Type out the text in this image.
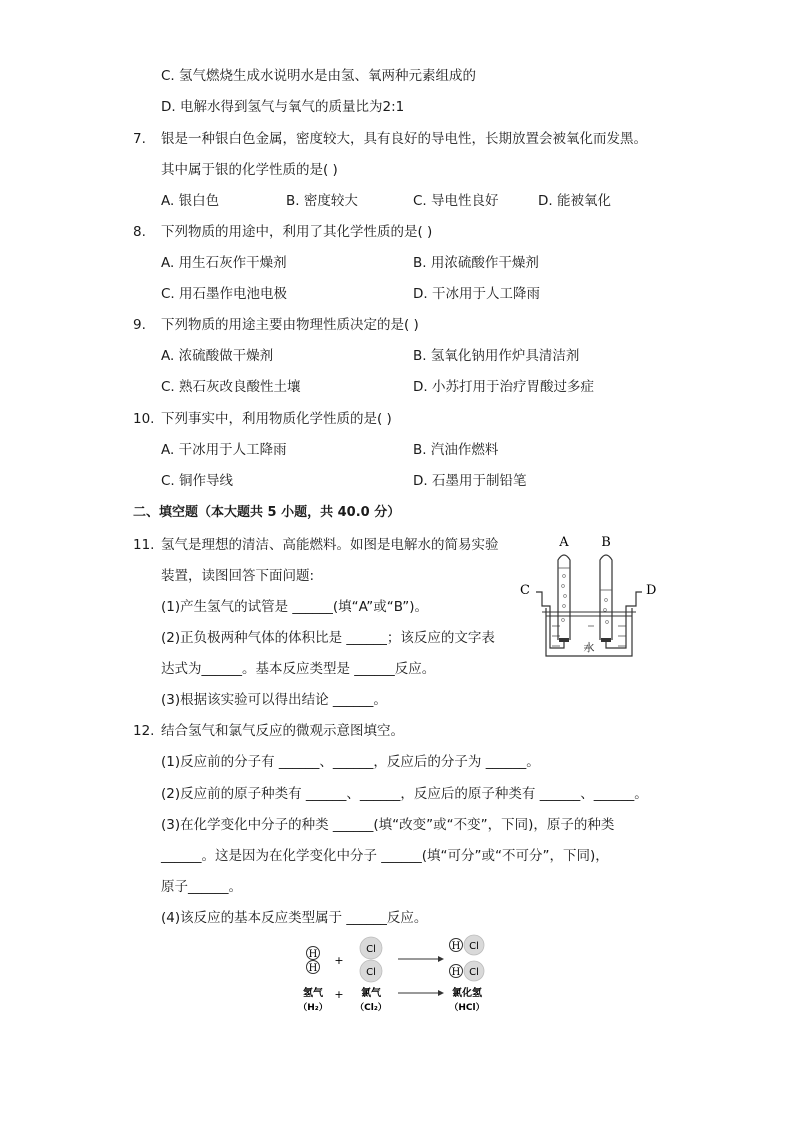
C. 氢气燃烧生成水说明水是由氢、氧两种元素组成的
D. 电解水得到氢气与氧气的质量比为2:1
7. 银是一种银白色金属，密度较大，具有良好的导电性，长期放置会被氧化而发黑。
其中属于银的化学性质的是( )
A. 银白色	B. 密度较大	C. 导电性良好	D. 能被氧化
8. 下列物质的用途中，利用了其化学性质的是( )
A. 用生石灰作干燥剂	B. 用浓硫酸作干燥剂
C. 用石墨作电池电极	D. 干冰用于人工降雨
9. 下列物质的用途主要由物理性质决定的是( )
A. 浓硫酸做干燥剂	B. 氢氧化钠用作炉具清洁剂
C. 熟石灰改良酸性土壤	D. 小苏打用于治疗胃酸过多症
10. 下列事实中，利用物质化学性质的是( )
A. 干冰用于人工降雨	B. 汽油作燃料
C. 铜作导线	D. 石墨用于制铅笔
二、填空题（本大题共 5 小题，共 40.0 分）
11. 氢气是理想的清洁、高能燃料。如图是电解水的简易实验
装置，读图回答下面问题:
(1)产生氢气的试管是 ______(填“A”或“B”)。
(2)正负极两种气体的体积比是 ______；该反应的文字表
达式为______。基本反应类型是 ______反应。
(3)根据该实验可以得出结论 ______。
A	B
C	D
水
12. 结合氢气和氯气反应的微观示意图填空。
(1)反应前的分子有 ______、______，反应后的分子为 ______。
(2)反应前的原子种类有 ______、______，反应后的原子种类有 ______、______。
(3)在化学变化中分子的种类 ______(填“改变”或“不变”，下同)，原子的种类
______。这是因为在化学变化中分子 ______(填“可分”或“不可分”，下同)，
原子______。
(4)该反应的基本反应类型属于 ______反应。
H
H
+
Cl
Cl
H Cl
H Cl
氢气
（H₂）
+ 氯气
（Cl₂）
氯化氢
（HCl）
